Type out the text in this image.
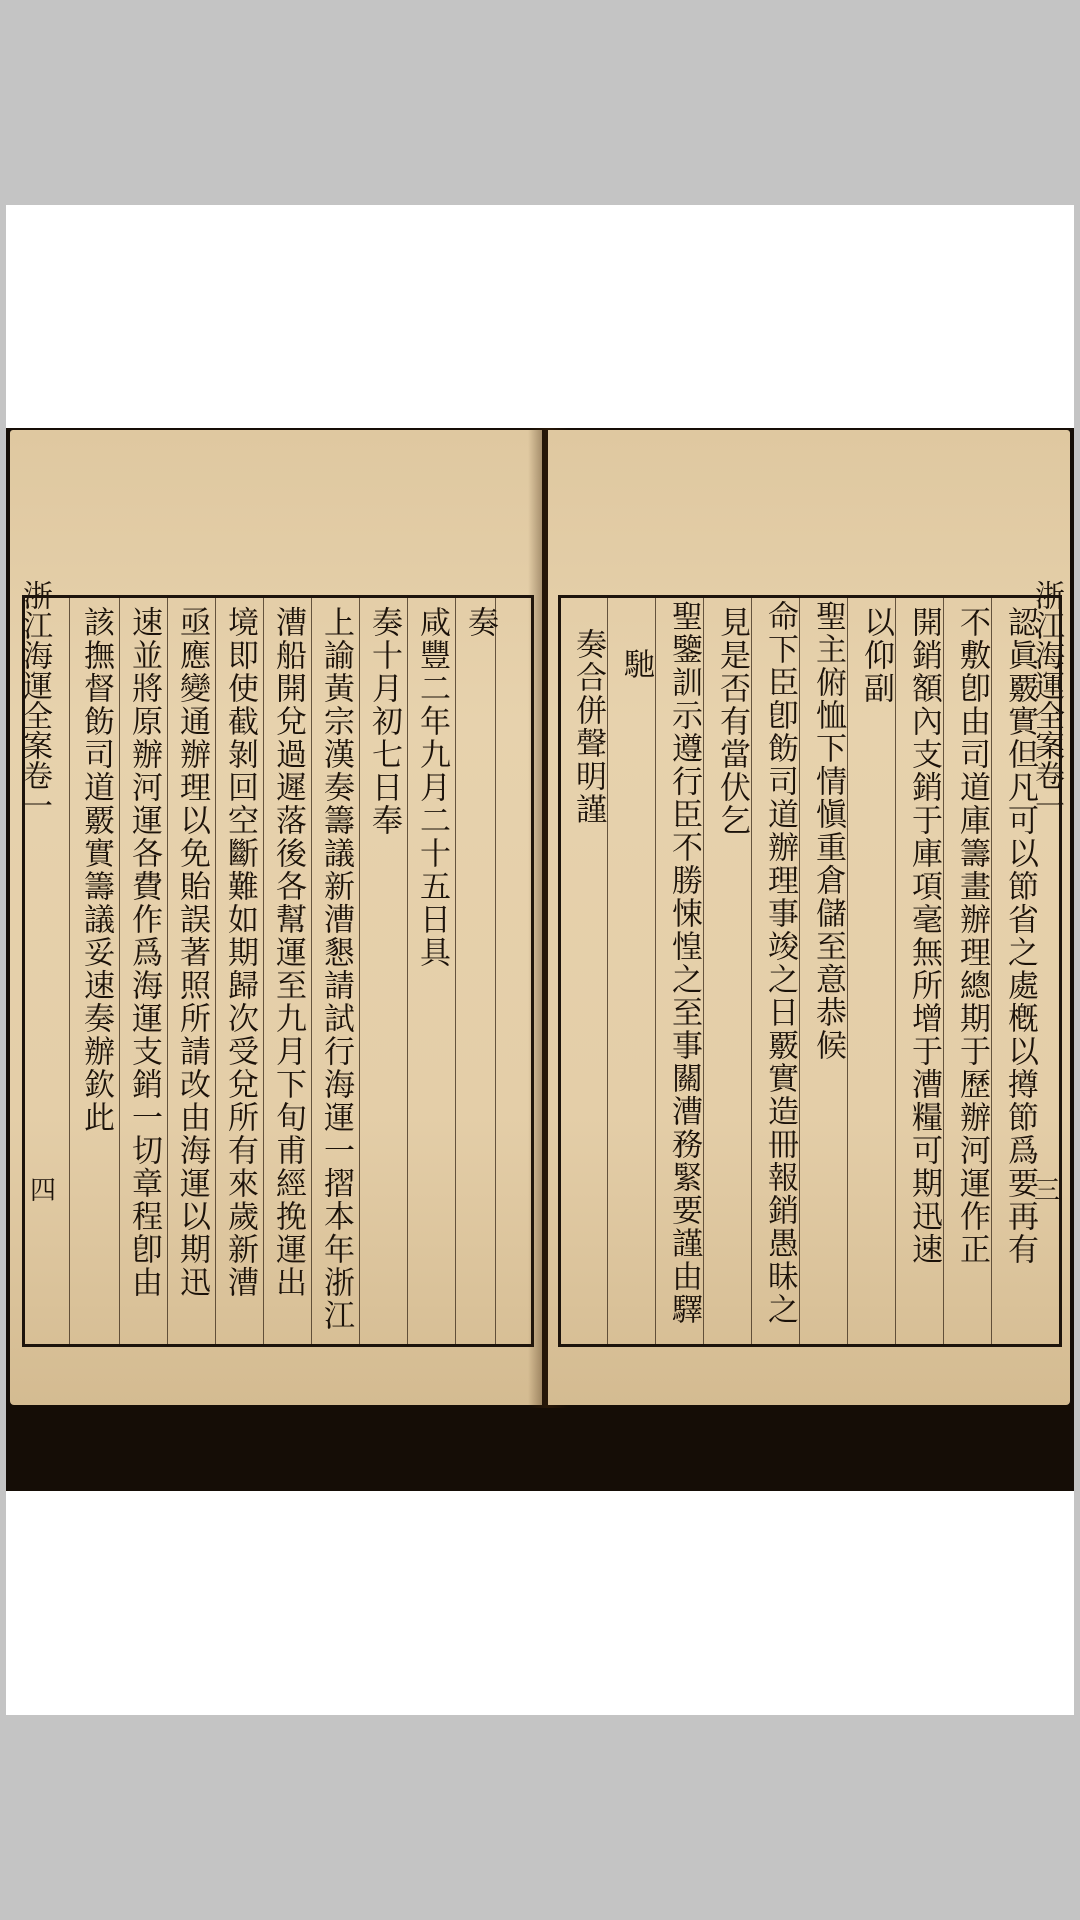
浙江海運全案卷一
奏
咸豐二年九月二十五日具
奏十月初七日奉
上諭黃宗漢奏籌議新漕懇請試行海運一摺本年浙江
漕船開兌過遲落後各幫運至九月下旬甫經挽運出
境即使截剝回空斷難如期歸次受兌所有來歲新漕
亟應變通辦理以免貽誤著照所請改由海運以期迅
速並將原辦河運各費作爲海運支銷一切章程卽由
該撫督飭司道覈實籌議妥速奏辦欽此
四
浙江海運全案卷一
認眞覈實但凡可以節省之處槪以撙節爲要再有
不敷卽由司道庫籌畫辦理總期于歷辦河運作正
開銷額內支銷于庫項毫無所增于漕糧可期迅速
以仰副
聖主俯恤下情愼重倉儲至意恭候
命下臣卽飭司道辦理事竣之日覈實造冊報銷愚昧之
見是否有當伏乞
聖鑒訓示遵行臣不勝悚惶之至事關漕務緊要謹由驛
馳
奏合併聲明謹
三
